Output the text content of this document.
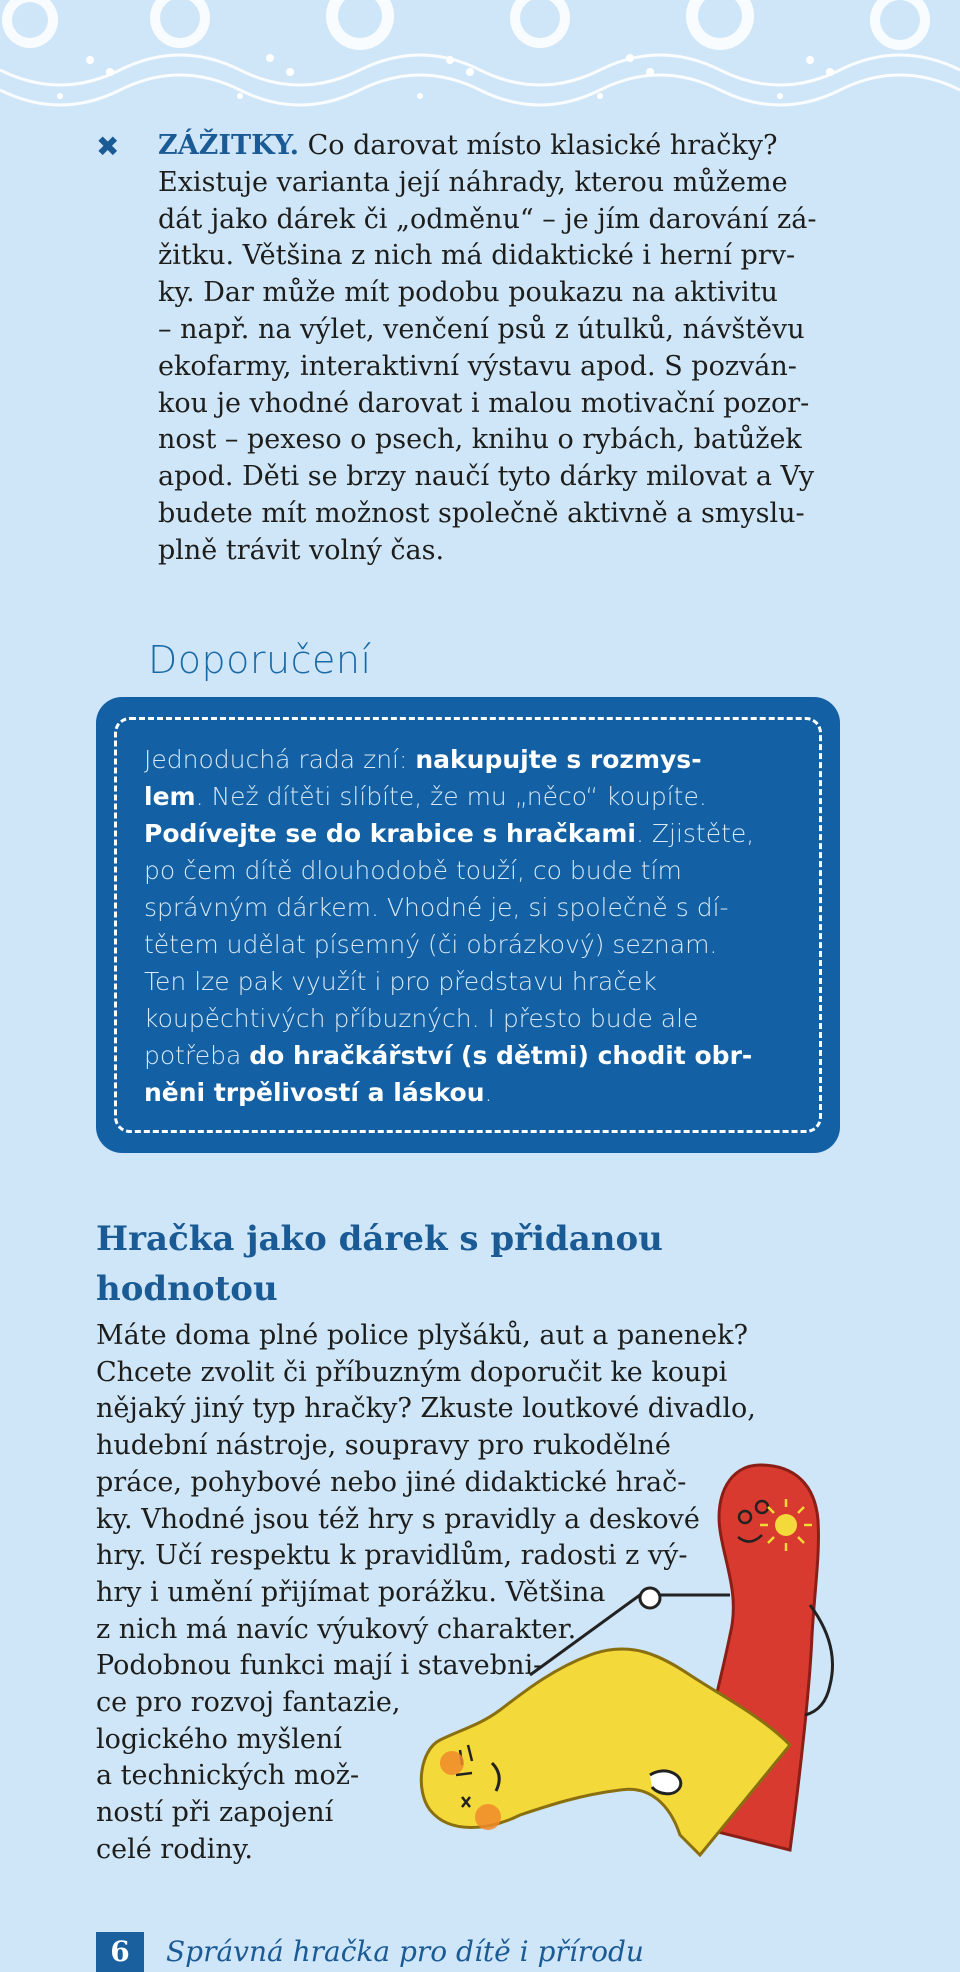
✖ ZÁŽITKY. Co darovat místo klasické hračky?

Existuje varianta její náhrady, kterou můžeme

dát jako dárek či „odměnu“ – je jím darování zá-

žitku. Většina z nich má didaktické i herní prv-

ky. Dar může mít podobu poukazu na aktivitu

– např. na výlet, venčení psů z útulků, návštěvu

ekofarmy, interaktivní výstavu apod. S pozván-

kou je vhodné darovat i malou motivační pozor-

nost – pexeso o psech, knihu o rybách, batůžek

apod. Děti se brzy naučí tyto dárky milovat a Vy

budete mít možnost společně aktivně a smyslu-

plně trávit volný čas.

Doporučení

Jednoduchá rada zní: nakupujte s rozmys-

lem. Než dítěti slíbíte, že mu „něco“ koupíte.

Podívejte se do krabice s hračkami. Zjistěte,

po čem dítě dlouhodobě touží, co bude tím

správným dárkem. Vhodné je, si společně s dí-

tětem udělat písemný (či obrázkový) seznam.

Ten lze pak využít i pro představu hraček

koupěchtivých příbuzných. I přesto bude ale

potřeba do hračkářství (s dětmi) chodit obr-

něni trpělivostí a láskou.

Hračka jako dárek s přidanou

hodnotou

Máte doma plné police plyšáků, aut a panenek?

Chcete zvolit či příbuzným doporučit ke koupi

nějaký jiný typ hračky? Zkuste loutkové divadlo,

hudební nástroje, soupravy pro rukodělné

práce, pohybové nebo jiné didaktické hrač-

ky. Vhodné jsou též hry s pravidly a deskové

hry. Učí respektu k pravidlům, radosti z vý-

hry i umění přijímat porážku. Většina

z nich má navíc výukový charakter.

Podobnou funkci mají i stavebni-

ce pro rozvoj fantazie,

logického myšlení

a technických mož-

ností při zapojení

celé rodiny.

6	Správná hračka pro dítě i přírodu
